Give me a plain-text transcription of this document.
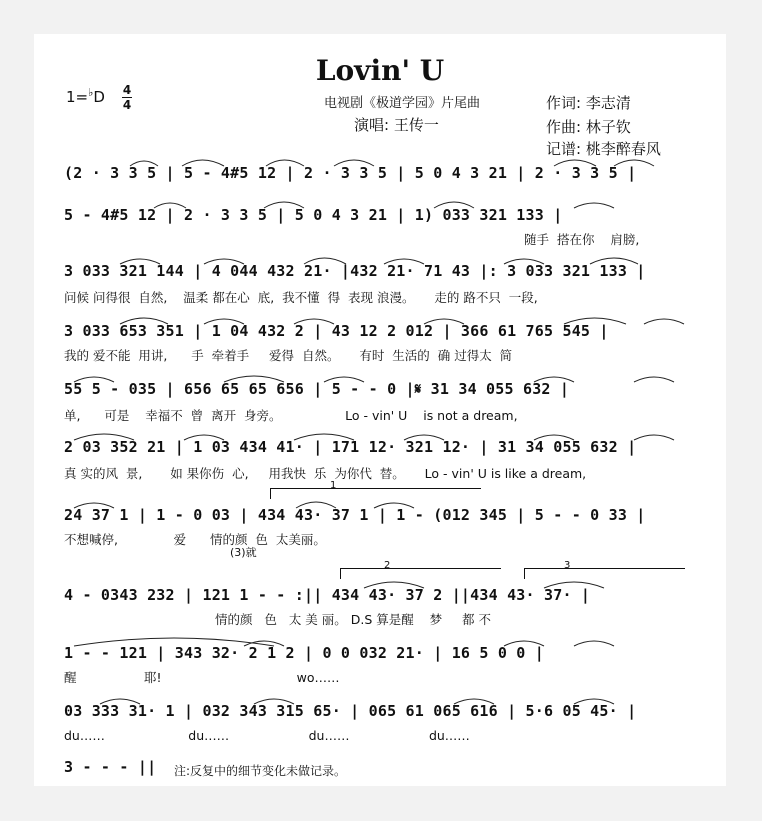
Lovin' U
1=♭D 4
4	电视剧《极道学园》片尾曲
演唱: 王传一
作词: 李志清
作曲: 林子钦
记谱: 桃李醉春风
(2 · 3 3 5 | 5 - 4#5 12 | 2 · 3 3 5 | 5 0 4 3 21 | 2 · 3 3 5 |
5 - 4#5 12 | 2 · 3 3 5 | 5 0 4 3 21 | 1) 033 321 133 |
随手  搭在你    肩膀,
3 033 321 144 | 4 044 432 21· |432 21· 71 43 |: 3 033 321 133 |
问候 问得很  自然,    温柔 都在心  底,  我不懂  得  表现 浪漫。     走的 路不只  一段,
3 033 653 351 | 1 04 432 2 | 43 12 2 012 | 366 61 765 545 |
我的 爱不能  用讲,      手  牵着手     爱得  自然。     有时  生活的  确 过得太  简
55 5 - 035 | 656 65 65 656 | 5 - - 0 |𝄋 31 34 055 632 |
单,      可是    幸福不  曾  离开  身旁。                Lo - vin' U    is not a dream,
2 03 352 21 | 1 03 434 41· | 171 12· 321 12· | 31 34 055 632 |
真 实的风  景,       如 果你伤  心,     用我快  乐  为你代  替。     Lo - vin' U is like a dream,
1
24 37 1 | 1 - 0 03 | 434 43· 37 1 | 1 - (012 345 | 5 - - 0 33 |
不想喊停,              爱      情的颜  色  太美丽。
(3)就
2	3
4 - 0343 232 | 121 1 - - :|| 434 43· 37 2 ||434 43· 37· |
情的颜   色   太 美 丽。 D.S 算是醒    梦     都 不
1 - - 121 | 343 32· 2 1 2 | 0 0 032 21· | 16 5 0 0 |
醒                 耶!                                  wo……
03 333 31· 1 | 032 343 315 65· | 065 61 065 616 | 5·6 05 45· |
du……                     du……                    du……                    du……
3 - - - ||	注:反复中的细节变化未做记录。
